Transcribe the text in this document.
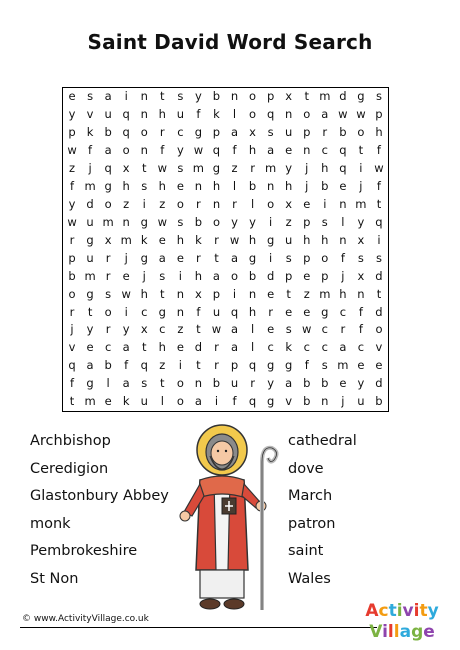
Saint David Word Search
e	s	a	i	n	t	s	y b n o p x	t m d g s
y v u q n h u	f	k	l	o q n o a w w p
p k b q o	r	c g p a x	s u p	r	b o h
w f	a o n	f	y w q	f	h a e n c q	t	f
z	j	q x	t w s m g z	r m y	j	h q	i	w
f m g h s h e n h	l	b n h	j	b e	j	f
y d o	z	i	z	o	r	n	r	l	o x e	i	n m t
w u m n g w s b o y y	i	z p s	l	y q
r	g x m k e h k	r w h g u h h n x	i
p u	r	j	g a e	r	t	a g	i	s p o	f	s	s
b m r	e	j	s	i	h a o b d p e p	j	x d
o g s w h	t	n x p	i	n e	t	z m h n	t
r	t	o	i	c g n	f	u q h	r	e e g c	f	d
j	y	r	y x c	z	t w a	l	e	s w c	r	f	o
v e c a	t	h e d	r	a	l	c	k	c	c a c v
q a b	f	q z	i	t	r	p q g g	f	s m e e
f	g	l	a	s	t	o n b u	r	y a b b e y d
t m e k u	l	o a	i	f	q g v b n	j	u b
Archbishop
Ceredigion
Glastonbury Abbey
monk
Pembrokeshire
St Non
cathedral
dove
March
patron
saint
Wales
© www.ActivityVillage.co.uk	Activity
Village
